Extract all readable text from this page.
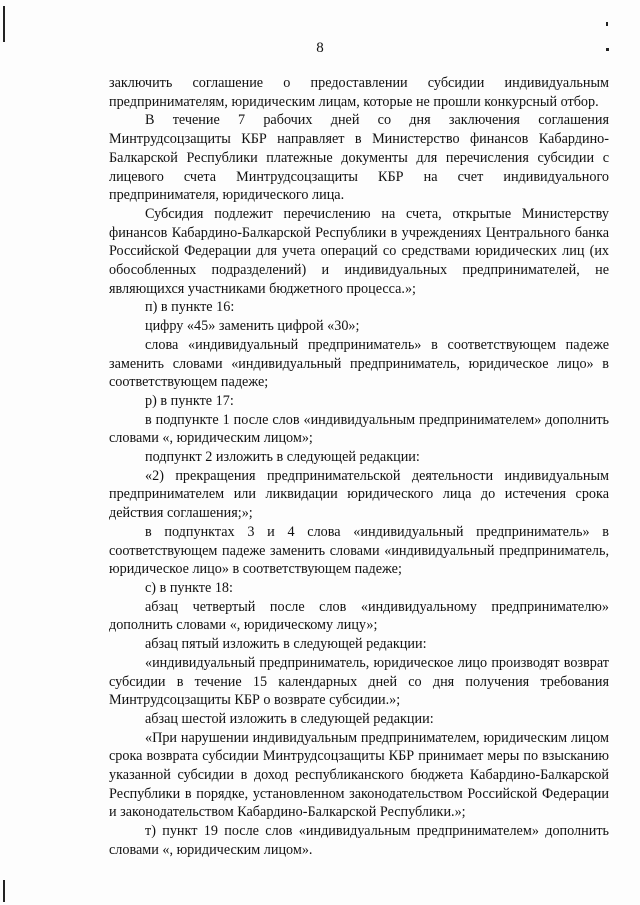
8

заключить соглашение о предоставлении субсидии индивидуальным предпринимателям, юридическим лицам, которые не прошли конкурсный отбор.

В течение 7 рабочих дней со дня заключения соглашения Минтрудсоцзащиты КБР направляет в Министерство финансов Кабардино-Балкарской Республики платежные документы для перечисления субсидии с лицевого счета Минтрудсоцзащиты КБР на счет индивидуального предпринимателя, юридического лица.

Субсидия подлежит перечислению на счета, открытые Министерству финансов Кабардино-Балкарской Республики в учреждениях Центрального банка Российской Федерации для учета операций со средствами юридических лиц (их обособленных подразделений) и индивидуальных предпринимателей, не являющихся участниками бюджетного процесса.»;

п) в пункте 16:

цифру «45» заменить цифрой «30»;

слова «индивидуальный предприниматель» в соответствующем падеже заменить словами «индивидуальный предприниматель, юридическое лицо» в соответствующем падеже;

р) в пункте 17:

в подпункте 1 после слов «индивидуальным предпринимателем» дополнить словами «, юридическим лицом»;

подпункт 2 изложить в следующей редакции:

«2) прекращения предпринимательской деятельности индивидуальным предпринимателем или ликвидации юридического лица до истечения срока действия соглашения;»;

в подпунктах 3 и 4 слова «индивидуальный предприниматель» в соответствующем падеже заменить словами «индивидуальный предприниматель, юридическое лицо» в соответствующем падеже;

с) в пункте 18:

абзац четвертый после слов «индивидуальному предпринимателю» дополнить словами «, юридическому лицу»;

абзац пятый изложить в следующей редакции:

«индивидуальный предприниматель, юридическое лицо производят возврат субсидии в течение 15 календарных дней со дня получения требования Минтрудсоцзащиты КБР о возврате субсидии.»;

абзац шестой изложить в следующей редакции:

«При нарушении индивидуальным предпринимателем, юридическим лицом срока возврата субсидии Минтрудсоцзащиты КБР принимает меры по взысканию указанной субсидии в доход республиканского бюджета Кабардино-Балкарской Республики в порядке, установленном законодательством Российской Федерации и законодательством Кабардино-Балкарской Республики.»;

т) пункт 19 после слов «индивидуальным предпринимателем» дополнить словами «, юридическим лицом».
